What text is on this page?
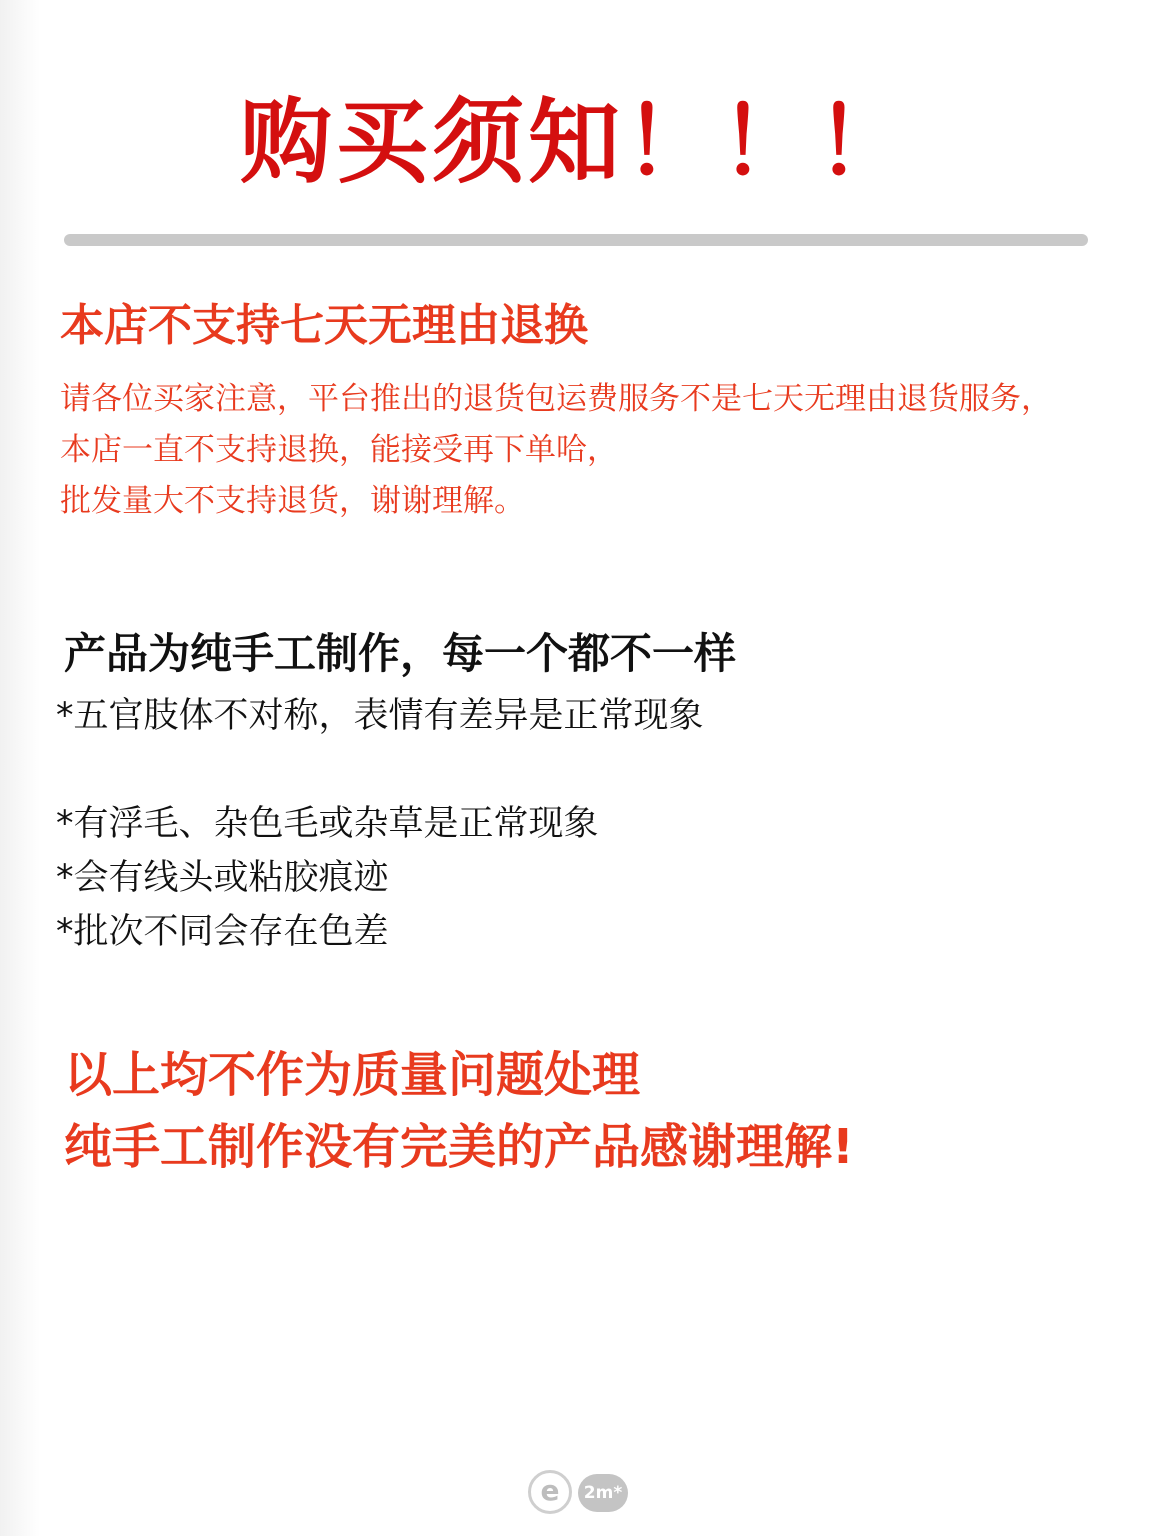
购买须知！！！
本店不支持七天无理由退换
请各位买家注意，平台推出的退货包运费服务不是七天无理由退货服务，
本店一直不支持退换，能接受再下单哈，
批发量大不支持退货，谢谢理解。
产品为纯手工制作，每一个都不一样
*五官肢体不对称，表情有差异是正常现象
*有浮毛、杂色毛或杂草是正常现象
*会有线头或粘胶痕迹
*批次不同会存在色差
以上均不作为质量问题处理
纯手工制作没有完美的产品感谢理解!
e	2m*
